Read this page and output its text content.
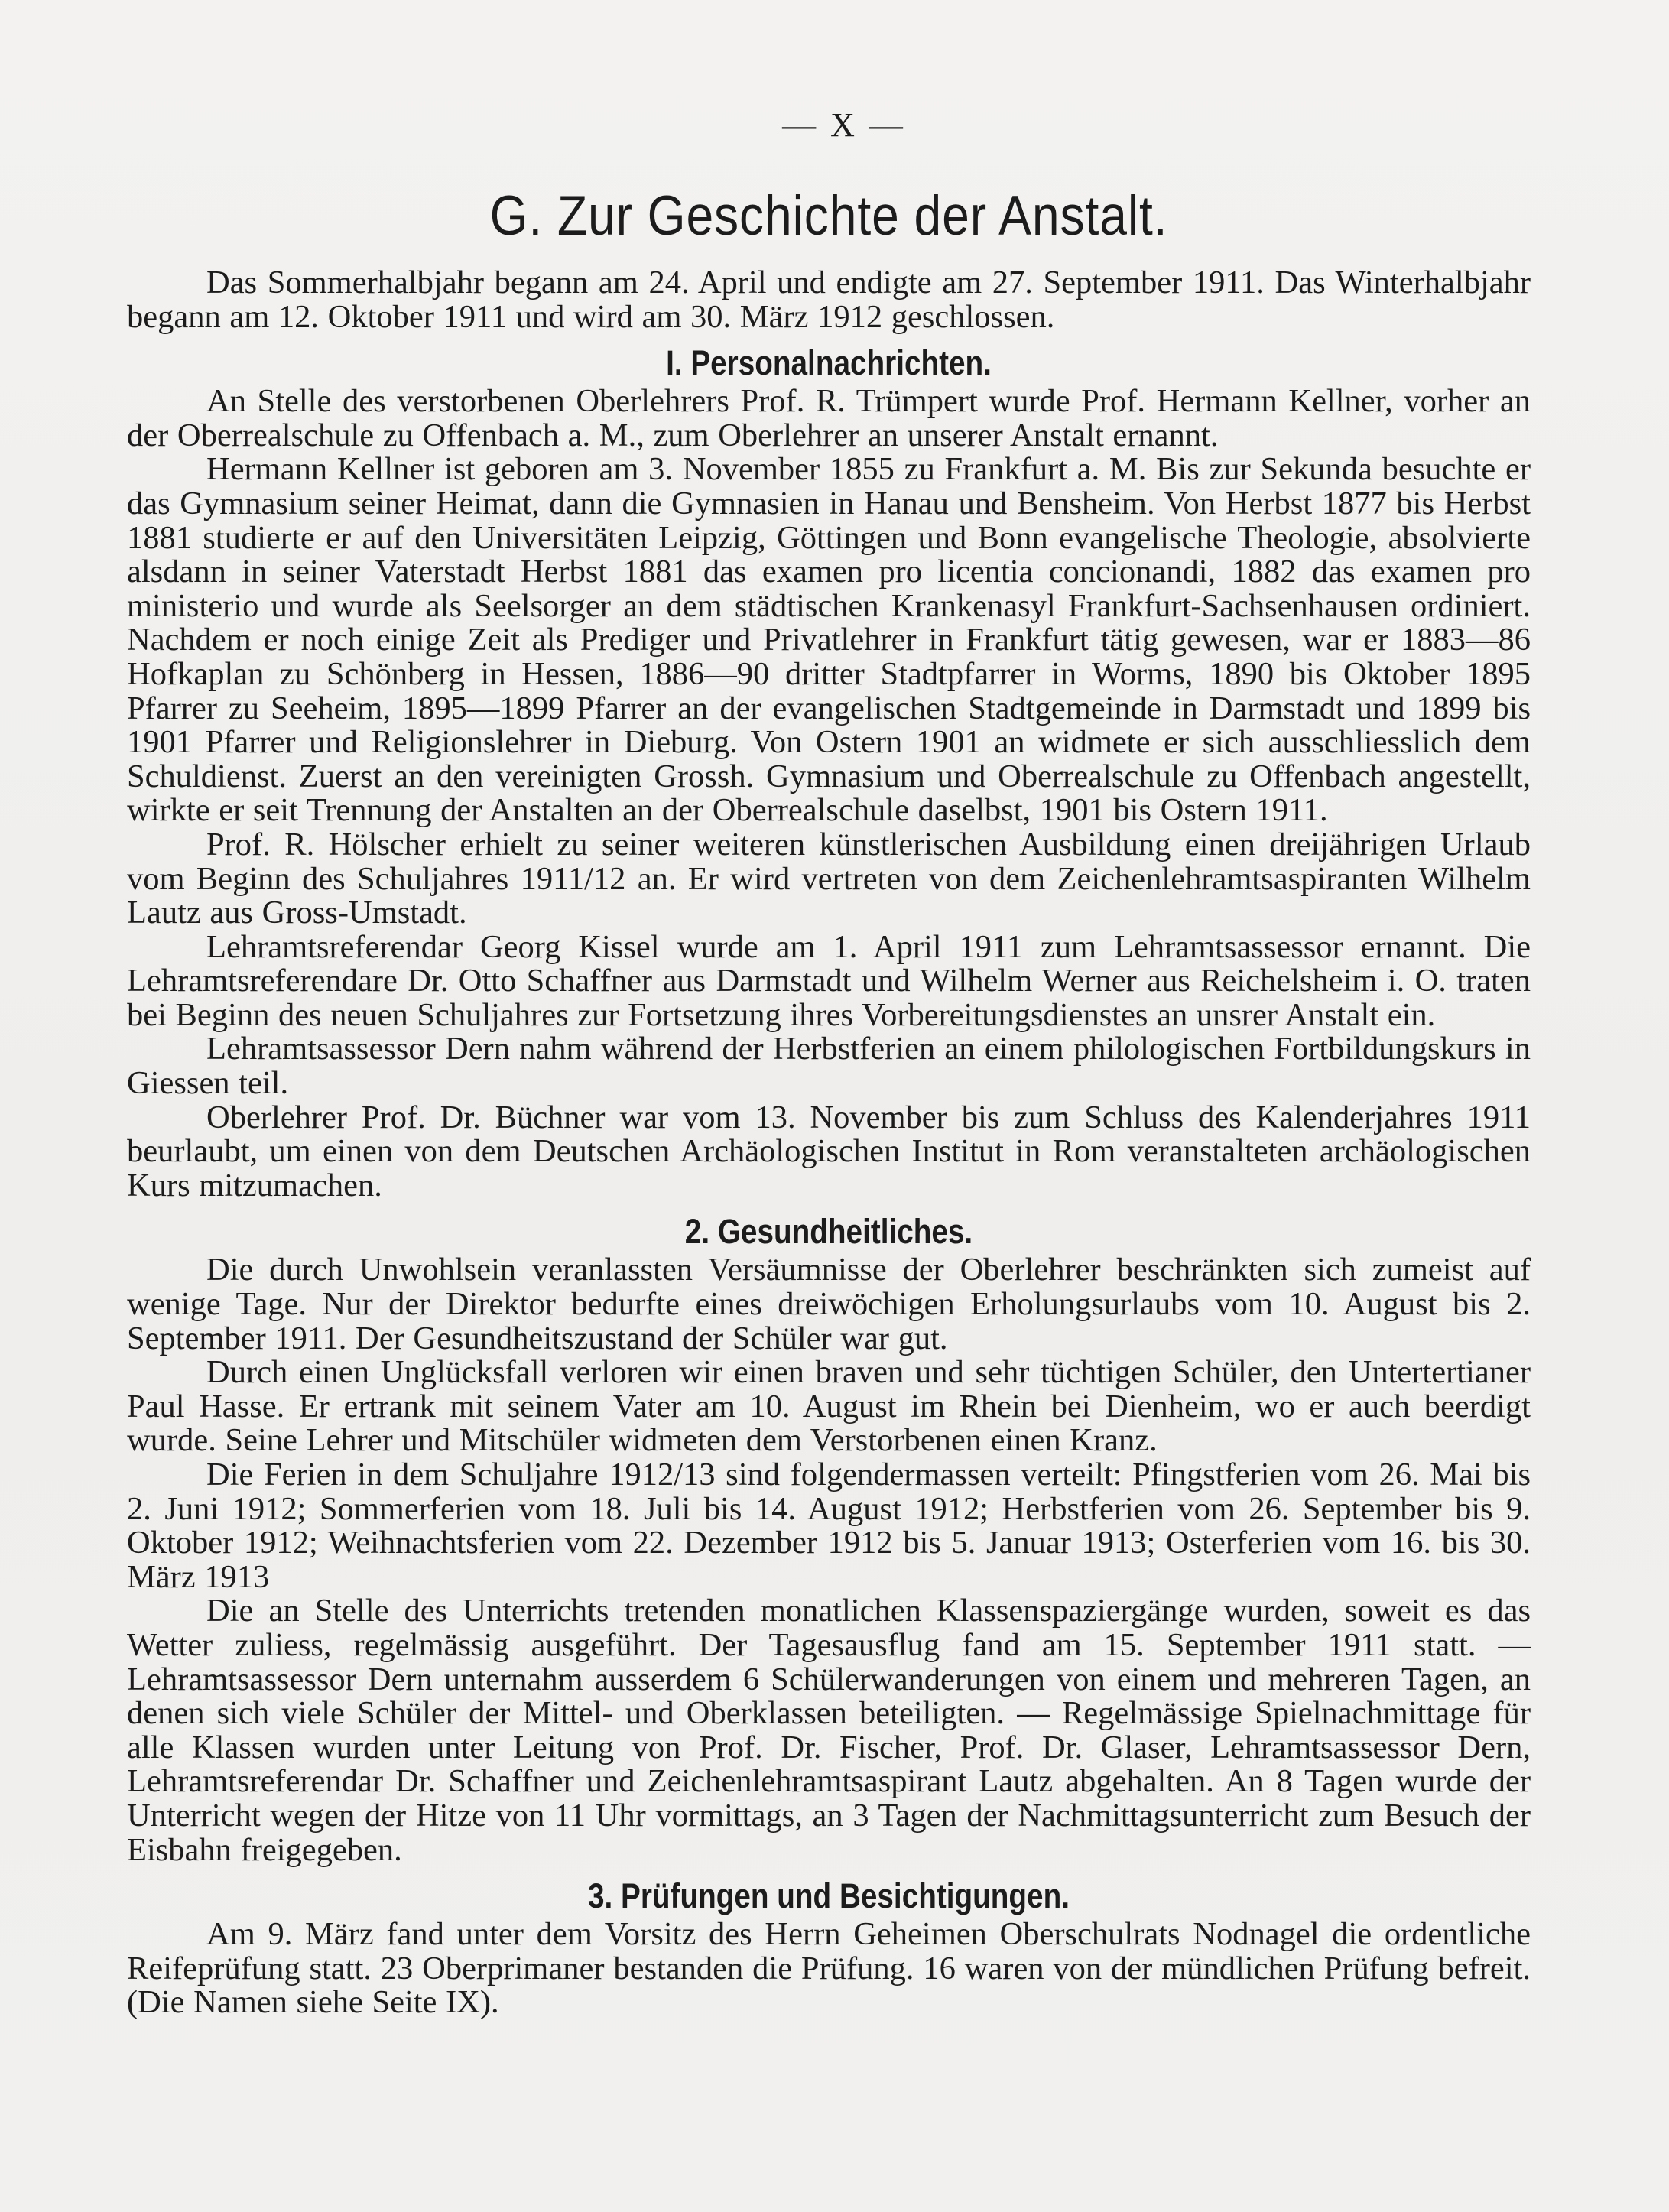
— X —
G. Zur Geschichte der Anstalt.

Das Sommerhalbjahr begann am 24. April und endigte am 27. September 1911. Das Winterhalbjahr begann am 12. Oktober 1911 und wird am 30. März 1912 geschlossen.

I. Personalnachrichten.

An Stelle des verstorbenen Oberlehrers Prof. R. Trümpert wurde Prof. Hermann Kellner, vorher an der Oberrealschule zu Offenbach a. M., zum Oberlehrer an unserer Anstalt ernannt.

Hermann Kellner ist geboren am 3. November 1855 zu Frankfurt a. M. Bis zur Sekunda besuchte er das Gymnasium seiner Heimat, dann die Gymnasien in Hanau und Bensheim. Von Herbst 1877 bis Herbst 1881 studierte er auf den Universitäten Leipzig, Göttingen und Bonn evangelische Theologie, absolvierte alsdann in seiner Vaterstadt Herbst 1881 das examen pro licentia concionandi, 1882 das examen pro ministerio und wurde als Seelsorger an dem städtischen Krankenasyl Frankfurt-Sachsenhausen ordiniert. Nachdem er noch einige Zeit als Prediger und Privatlehrer in Frankfurt tätig gewesen, war er 1883—86 Hofkaplan zu Schönberg in Hessen, 1886—90 dritter Stadtpfarrer in Worms, 1890 bis Oktober 1895 Pfarrer zu Seeheim, 1895—1899 Pfarrer an der evangelischen Stadtgemeinde in Darmstadt und 1899 bis 1901 Pfarrer und Religionslehrer in Dieburg. Von Ostern 1901 an widmete er sich ausschliesslich dem Schuldienst. Zuerst an den vereinigten Grossh. Gymnasium und Oberrealschule zu Offenbach angestellt, wirkte er seit Trennung der Anstalten an der Oberrealschule daselbst, 1901 bis Ostern 1911.

Prof. R. Hölscher erhielt zu seiner weiteren künstlerischen Ausbildung einen dreijährigen Urlaub vom Beginn des Schuljahres 1911/12 an. Er wird vertreten von dem Zeichenlehramtsaspiranten Wilhelm Lautz aus Gross-Umstadt.

Lehramtsreferendar Georg Kissel wurde am 1. April 1911 zum Lehramtsassessor ernannt. Die Lehramtsreferendare Dr. Otto Schaffner aus Darmstadt und Wilhelm Werner aus Reichelsheim i. O. traten bei Beginn des neuen Schuljahres zur Fortsetzung ihres Vorbereitungsdienstes an unsrer Anstalt ein.

Lehramtsassessor Dern nahm während der Herbstferien an einem philologischen Fortbildungskurs in Giessen teil.

Oberlehrer Prof. Dr. Büchner war vom 13. November bis zum Schluss des Kalenderjahres 1911 beurlaubt, um einen von dem Deutschen Archäologischen Institut in Rom veranstalteten archäologischen Kurs mitzumachen.

2. Gesundheitliches.

Die durch Unwohlsein veranlassten Versäumnisse der Oberlehrer beschränkten sich zumeist auf wenige Tage. Nur der Direktor bedurfte eines dreiwöchigen Erholungsurlaubs vom 10. August bis 2. September 1911. Der Gesundheitszustand der Schüler war gut.

Durch einen Unglücksfall verloren wir einen braven und sehr tüchtigen Schüler, den Untertertianer Paul Hasse. Er ertrank mit seinem Vater am 10. August im Rhein bei Dienheim, wo er auch beerdigt wurde. Seine Lehrer und Mitschüler widmeten dem Verstorbenen einen Kranz.

Die Ferien in dem Schuljahre 1912/13 sind folgendermassen verteilt: Pfingstferien vom 26. Mai bis 2. Juni 1912; Sommerferien vom 18. Juli bis 14. August 1912; Herbstferien vom 26. September bis 9. Oktober 1912; Weihnachtsferien vom 22. Dezember 1912 bis 5. Januar 1913; Osterferien vom 16. bis 30. März 1913

Die an Stelle des Unterrichts tretenden monatlichen Klassenspaziergänge wurden, soweit es das Wetter zuliess, regelmässig ausgeführt. Der Tagesausflug fand am 15. September 1911 statt. — Lehramtsassessor Dern unternahm ausserdem 6 Schülerwanderungen von einem und mehreren Tagen, an denen sich viele Schüler der Mittel- und Oberklassen beteiligten. — Regelmässige Spielnachmittage für alle Klassen wurden unter Leitung von Prof. Dr. Fischer, Prof. Dr. Glaser, Lehramtsassessor Dern, Lehramtsreferendar Dr. Schaffner und Zeichenlehramtsaspirant Lautz abgehalten. An 8 Tagen wurde der Unterricht wegen der Hitze von 11 Uhr vormittags, an 3 Tagen der Nachmittagsunterricht zum Besuch der Eisbahn freigegeben.

3. Prüfungen und Besichtigungen.

Am 9. März fand unter dem Vorsitz des Herrn Geheimen Oberschulrats Nodnagel die ordentliche Reifeprüfung statt. 23 Oberprimaner bestanden die Prüfung. 16 waren von der mündlichen Prüfung befreit. (Die Namen siehe Seite IX).
